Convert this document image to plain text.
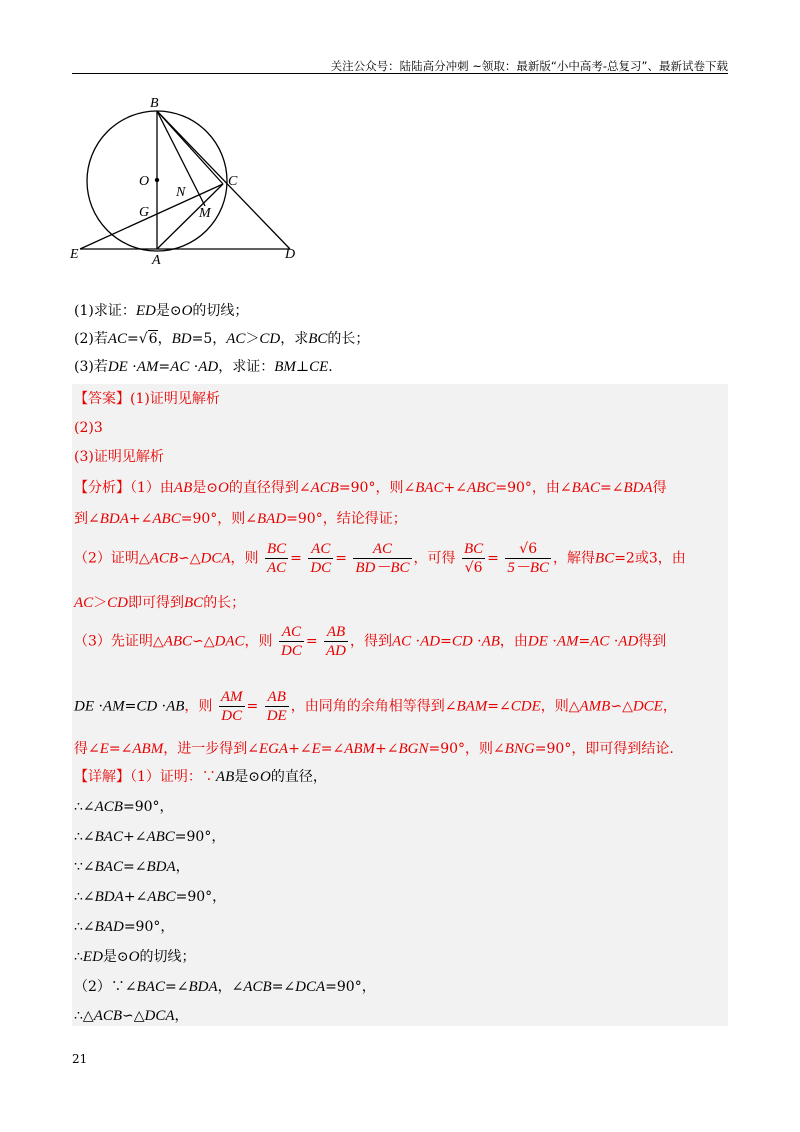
关注公众号：陆陆高分冲刺 ~领取：最新版“小中高考-总复习”、最新试卷下载
B
O	C
N
G	M
E	A	D
(1)求证：ED是⊙O的切线；
(2)若AC=√6，BD=5，AC＞CD，求BC的长；
(3)若DE ·AM=AC ·AD，求证：BM⊥CE.
【答案】(1)证明见解析
(2)3
(3)证明见解析
【分析】（1）由AB是⊙O的直径得到∠ACB=90°，则∠BAC+∠ABC=90°，由∠BAC=∠BDA得
到∠BDA+∠ABC=90°，则∠BAD=90°，结论得证；
（2）证明△ACB∽△DCA，则 $\frac{BC}{AC} = \frac{AC}{DC} = \frac{AC}{BD-BC}$ ，可得 $\frac{BC}{√6} = \frac{√6}{5-BC}$ ，解得BC=2或3，由
AC＞CD即可得到BC的长；
（3）先证明△ABC∽△DAC，则 $\frac{AC}{DC} = \frac{AB}{AD}$ ，得到AC ·AD=CD ·AB，由DE ·AM=AC ·AD得到
DE ·AM=CD ·AB，则 $\frac{AM}{DC} = \frac{AB}{DE}$ ，由同角的余角相等得到∠BAM=∠CDE，则△AMB∽△DCE，
得∠E=∠ABM，进一步得到∠EGA+∠E=∠ABM+∠BGN=90°，则∠BNG=90°，即可得到结论.
【详解】（1）证明：∵AB是⊙O的直径，
∴∠ACB=90°，
∴∠BAC+∠ABC=90°，
∵∠BAC=∠BDA，
∴∠BDA+∠ABC=90°，
∴∠BAD=90°，
∴ED是⊙O的切线；
（2）∵∠BAC=∠BDA，∠ACB=∠DCA=90°，
∴△ACB∽△DCA，
21
